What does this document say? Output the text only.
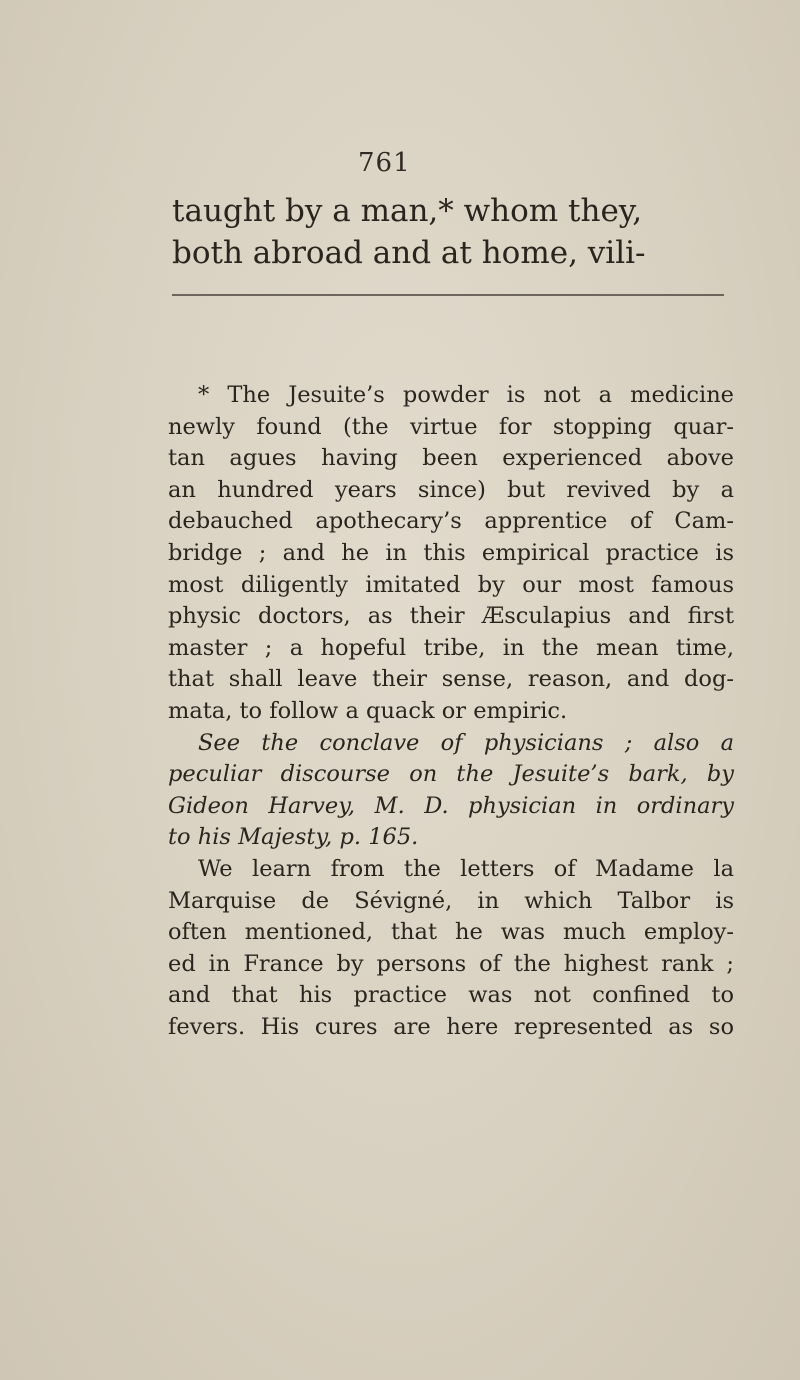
761
taught by a man,* whom they,
both abroad and at home, vili-
* The Jesuite’s powder is not a medicine
newly found (the virtue for stopping quar-
tan agues having been experienced above
an hundred years since) but revived by a
debauched apothecary’s apprentice of Cam-
bridge ; and he in this empirical practice is
most diligently imitated by our most famous
physic doctors, as their Æsculapius and first
master ; a hopeful tribe, in the mean time,
that shall leave their sense, reason, and dog-
mata, to follow a quack or empiric.
See the conclave of physicians ; also a
peculiar discourse on the Jesuite’s bark, by
Gideon Harvey, M. D. physician in ordinary
to his Majesty, p. 165.
We learn from the letters of Madame la
Marquise de Sévigné, in which Talbor is
often mentioned, that he was much employ-
ed in France by persons of the highest rank ;
and that his practice was not confined to
fevers. His cures are here represented as so
